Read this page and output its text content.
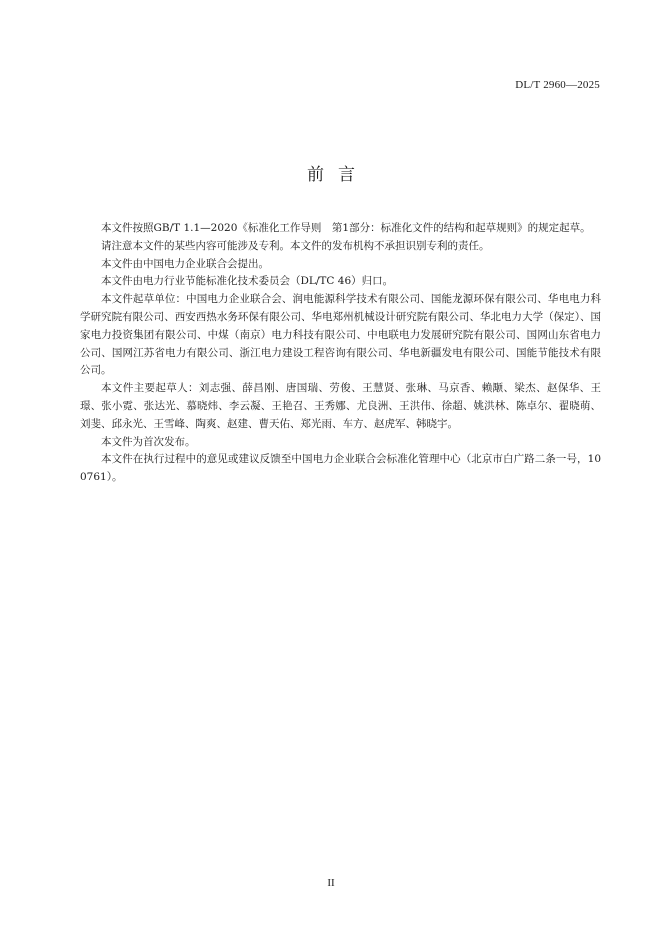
DL/T 2960—2025
前言

本文件按照GB/T 1.1—2020《标准化工作导则　第1部分：标准化文件的结构和起草规则》的规定起草。

请注意本文件的某些内容可能涉及专利。本文件的发布机构不承担识别专利的责任。

本文件由中国电力企业联合会提出。

本文件由电力行业节能标准化技术委员会（DL/TC 46）归口。

本文件起草单位：中国电力企业联合会、润电能源科学技术有限公司、国能龙源环保有限公司、华电电力科学研究院有限公司、西安西热水务环保有限公司、华电郑州机械设计研究院有限公司、华北电力大学（保定）、国家电力投资集团有限公司、中煤（南京）电力科技有限公司、中电联电力发展研究院有限公司、国网山东省电力公司、国网江苏省电力有限公司、浙江电力建设工程咨询有限公司、华电新疆发电有限公司、国能节能技术有限公司。

本文件主要起草人：刘志强、薛昌刚、唐国瑞、劳俊、王慧贤、张琳、马京香、赖颙、梁杰、赵保华、王璟、张小霓、张达光、慕晓炜、李云凝、王艳召、王秀娜、尤良洲、王洪伟、徐超、姚洪林、陈卓尔、翟晓萌、刘斐、邱永光、王雪峰、陶爽、赵建、曹天佑、郑光雨、车方、赵虎军、韩晓宇。

本文件为首次发布。

本文件在执行过程中的意见或建议反馈至中国电力企业联合会标准化管理中心（北京市白广路二条一号，100761）。

II
